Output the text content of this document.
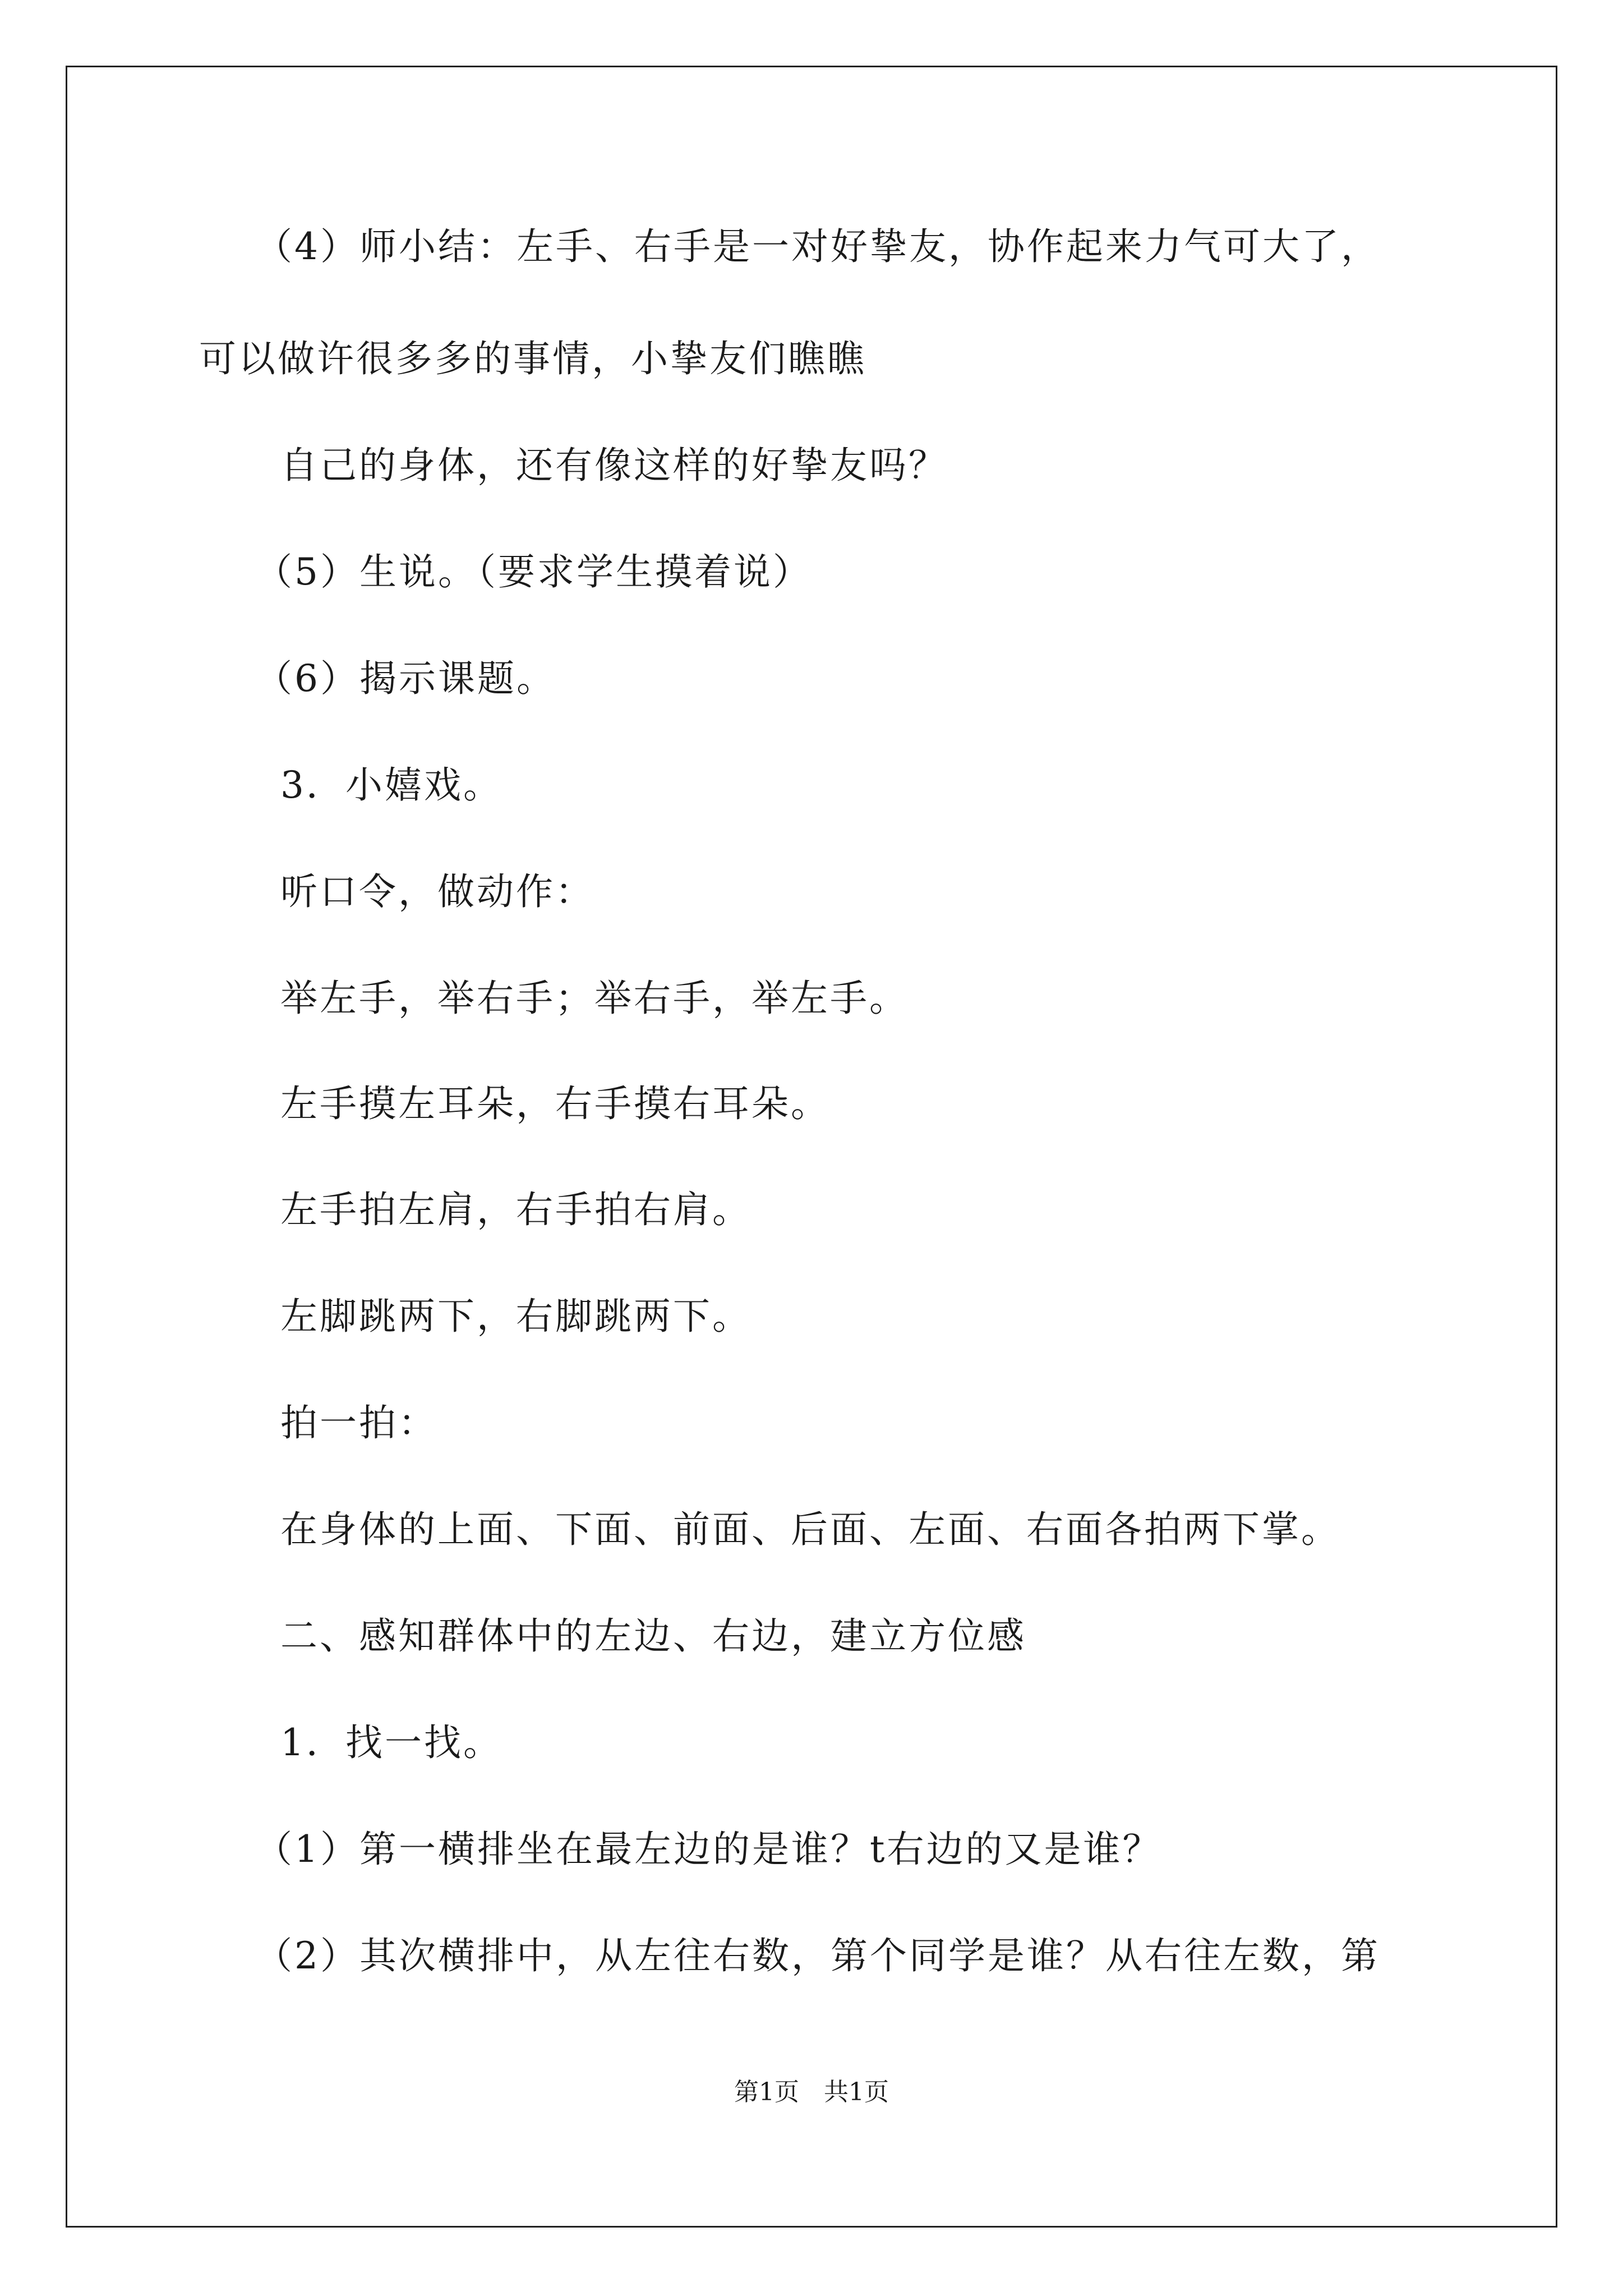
（4）师小结：左手、右手是一对好挚友，协作起来力气可大了，
可以做许很多多的事情，小挚友们瞧瞧
自己的身体，还有像这样的好挚友吗？
（5）生说。（要求学生摸着说）
（6）揭示课题。
3．小嬉戏。
听口令，做动作：
举左手，举右手；举右手，举左手。
左手摸左耳朵，右手摸右耳朵。
左手拍左肩，右手拍右肩。
左脚跳两下，右脚跳两下。
拍一拍：
在身体的上面、下面、前面、后面、左面、右面各拍两下掌。
二、感知群体中的左边、右边，建立方位感
1．找一找。
（1）第一横排坐在最左边的是谁？t右边的又是谁？
（2）其次横排中，从左往右数，第个同学是谁？从右往左数，第
第1页　共1页
